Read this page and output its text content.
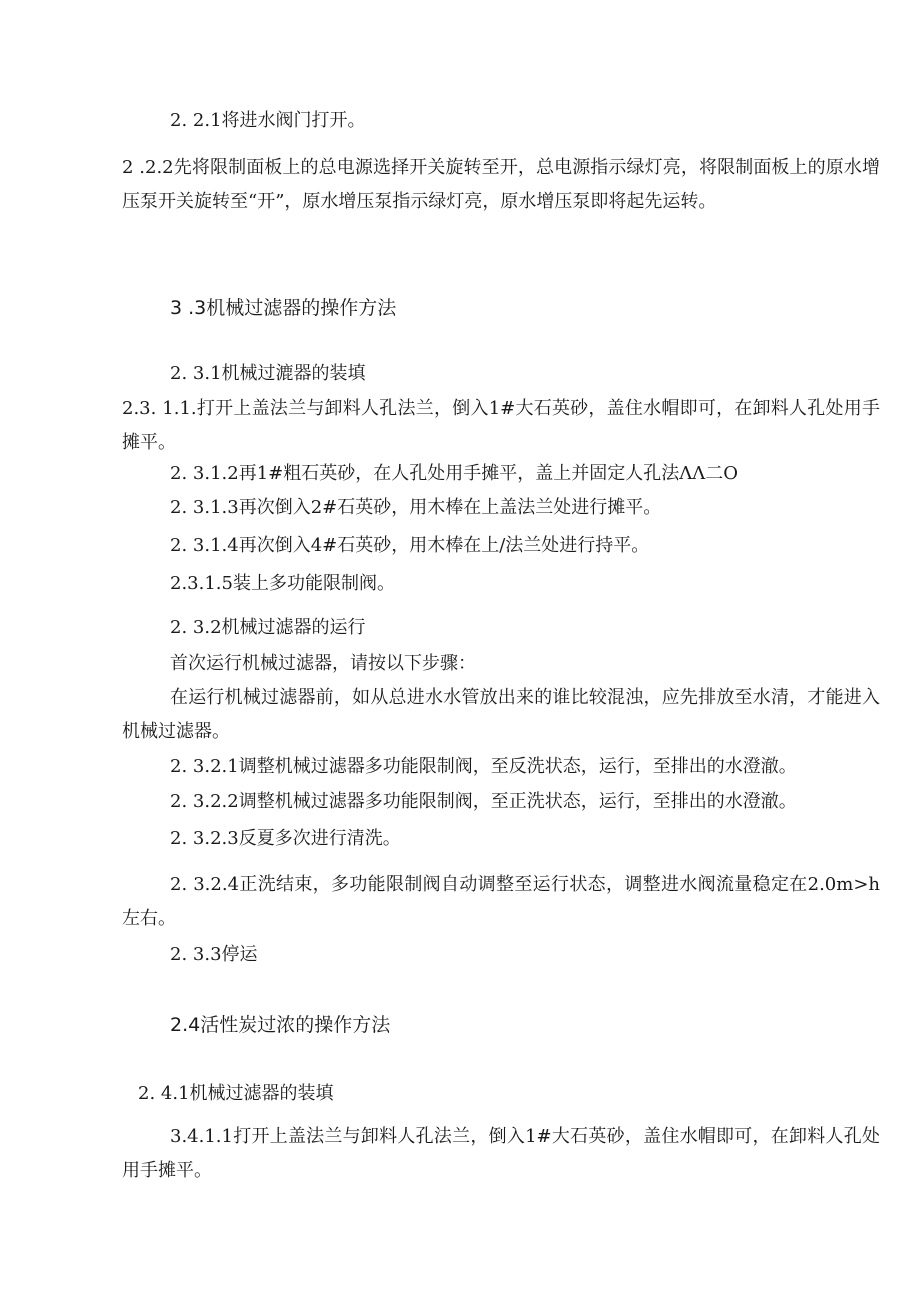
2. 2.1将进水阀门打开。
2 .2.2先将限制面板上的总电源选择开关旋转至开，总电源指示绿灯亮，将限制面板上的原水增压泵开关旋转至“开”，原水增压泵指示绿灯亮，原水增压泵即将起先运转。
3 .3机械过滤器的操作方法
2. 3.1机械过漉器的装填
2.3. 1.1.打开上盖法兰与卸料人孔法兰，倒入1#大石英砂，盖住水帽即可，在卸料人孔处用手摊平。
2. 3.1.2再1#粗石英砂，在人孔处用手摊平，盖上并固定人孔法ΛΛ二O
2. 3.1.3再次倒入2#石英砂，用木棒在上盖法兰处进行摊平。
2. 3.1.4再次倒入4#石英砂，用木棒在上/法兰处进行持平。
2.3.1.5装上多功能限制阀。
2. 3.2机械过滤器的运行
首次运行机械过滤器，请按以下步骤：
在运行机械过滤器前，如从总进水水管放出来的谁比较混浊，应先排放至水清，才能进入机械过滤器。
2. 3.2.1调整机械过滤器多功能限制阀，至反洗状态，运行，至排出的水澄澈。
2. 3.2.2调整机械过滤器多功能限制阀，至正洗状态，运行，至排出的水澄澈。
2. 3.2.3反夏多次进行清洗。
2. 3.2.4正洗结束，多功能限制阀自动调整至运行状态，调整进水阀流量稳定在2.0m>h左右。
2. 3.3停运
2.4活性炭过浓的操作方法
2. 4.1机械过滤器的装填
3.4.1.1打开上盖法兰与卸料人孔法兰，倒入1#大石英砂，盖住水帽即可，在卸料人孔处用手摊平。
